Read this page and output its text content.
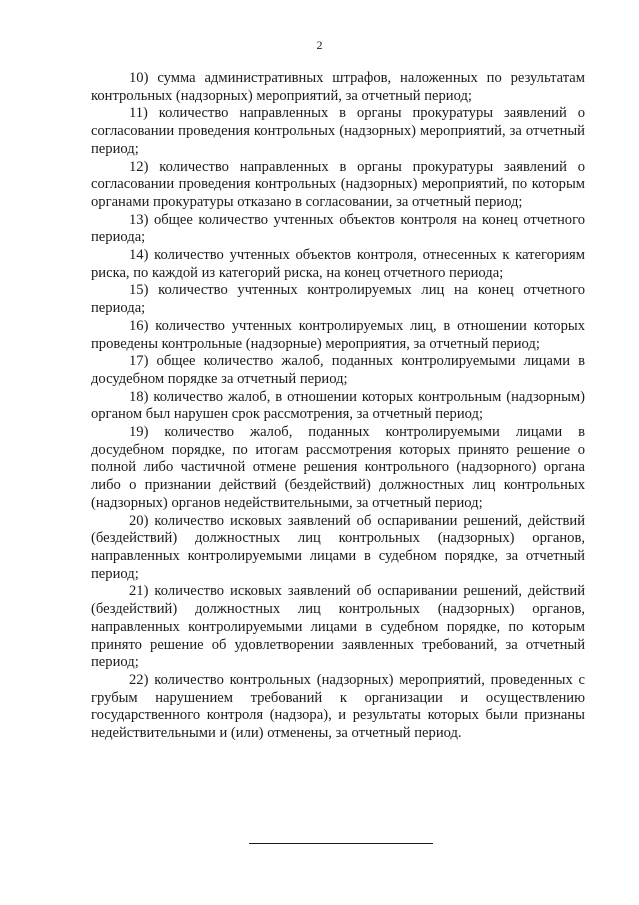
2

10) сумма административных штрафов, наложенных по результатам контрольных (надзорных) мероприятий, за отчетный период;

11) количество направленных в органы прокуратуры заявлений о согласовании проведения контрольных (надзорных) мероприятий, за отчетный период;

12) количество направленных в органы прокуратуры заявлений о согласовании проведения контрольных (надзорных) мероприятий, по которым органами прокуратуры отказано в согласовании, за отчетный период;

13) общее количество учтенных объектов контроля на конец отчетного периода;

14) количество учтенных объектов контроля, отнесенных к категориям риска, по каждой из категорий риска, на конец отчетного периода;

15) количество учтенных контролируемых лиц на конец отчетного периода;

16) количество учтенных контролируемых лиц, в отношении которых проведены контрольные (надзорные) мероприятия, за отчетный период;

17) общее количество жалоб, поданных контролируемыми лицами в досудебном порядке за отчетный период;

18) количество жалоб, в отношении которых контрольным (надзорным) органом был нарушен срок рассмотрения, за отчетный период;

19) количество жалоб, поданных контролируемыми лицами в досудебном порядке, по итогам рассмотрения которых принято решение о полной либо частичной отмене решения контрольного (надзорного) органа либо о признании действий (бездействий) должностных лиц контрольных (надзорных) органов недействительными, за отчетный период;

20) количество исковых заявлений об оспаривании решений, действий (бездействий) должностных лиц контрольных (надзорных) органов, направленных контролируемыми лицами в судебном порядке, за отчетный период;

21) количество исковых заявлений об оспаривании решений, действий (бездействий) должностных лиц контрольных (надзорных) органов, направленных контролируемыми лицами в судебном порядке, по которым принято решение об удовлетворении заявленных требований, за отчетный период;

22) количество контрольных (надзорных) мероприятий, проведенных с грубым нарушением требований к организации и осуществлению государственного контроля (надзора), и результаты которых были признаны недействительными и (или) отменены, за отчетный период.
